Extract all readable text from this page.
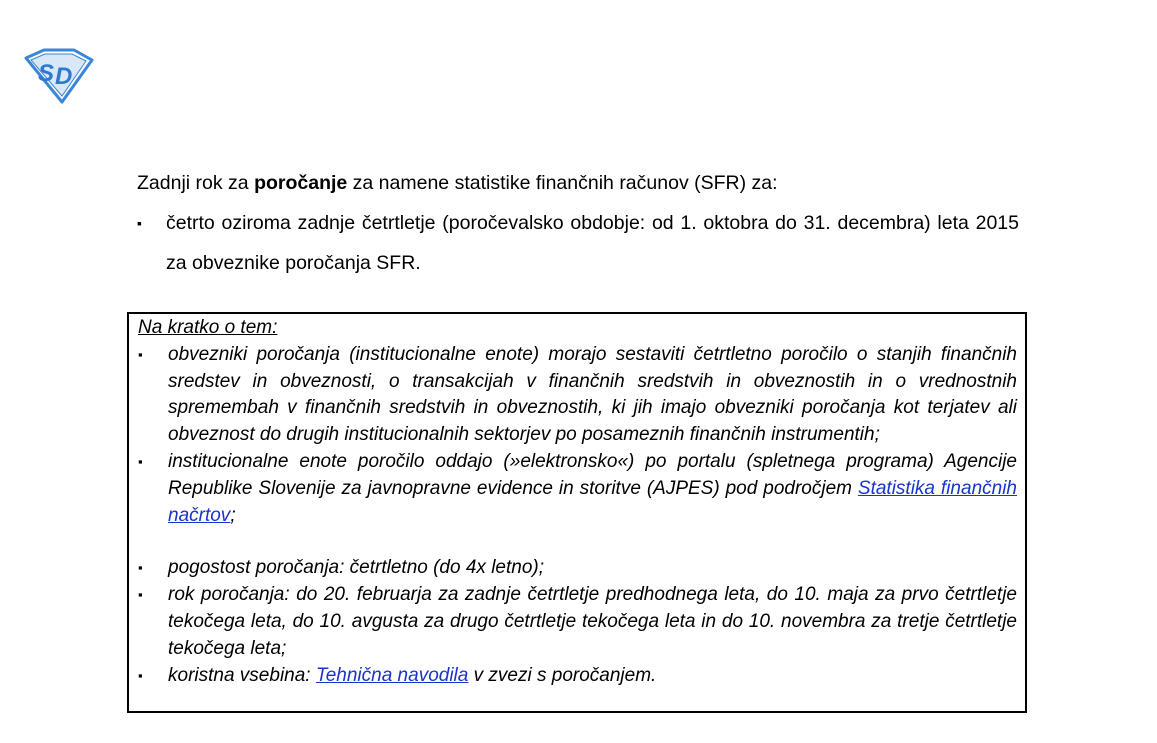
S D

Zadnji rok za poročanje za namene statistike finančnih računov (SFR) za:

▪ četrto oziroma zadnje četrtletje (poročevalsko obdobje: od 1. oktobra do 31. decembra) leta 2015 za obveznike poročanja SFR.

Na kratko o tem:

▪ obvezniki poročanja (institucionalne enote) morajo sestaviti četrtletno poročilo o stanjih finančnih sredstev in obveznosti, o transakcijah v finančnih sredstvih in obveznostih in o vrednostnih spremembah v finančnih sredstvih in obveznostih, ki jih imajo obvezniki poročanja kot terjatev ali obveznost do drugih institucionalnih sektorjev po posameznih finančnih instrumentih;
▪ institucionalne enote poročilo oddajo (»elektronsko«) po portalu (spletnega programa) Agencije Republike Slovenije za javnopravne evidence in storitve (AJPES) pod področjem Statistika finančnih načrtov;
▪ pogostost poročanja: četrtletno (do 4x letno);
▪ rok poročanja: do 20. februarja za zadnje četrtletje predhodnega leta, do 10. maja za prvo četrtletje tekočega leta, do 10. avgusta za drugo četrtletje tekočega leta in do 10. novembra za tretje četrtletje tekočega leta;
▪ koristna vsebina: Tehnična navodila v zvezi s poročanjem.
